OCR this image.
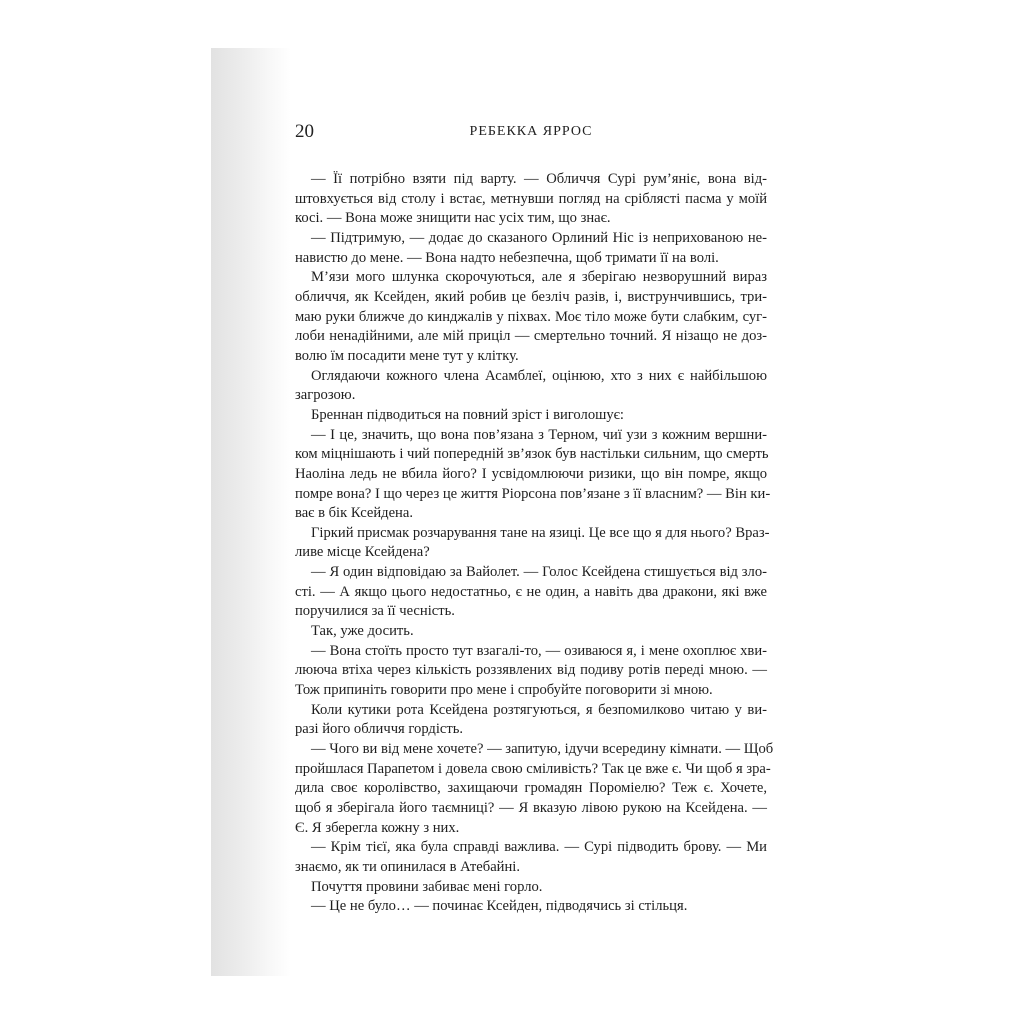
20	РЕБЕККА ЯРРОС
— Її потрібно взяти під варту. — Обличчя Сурі рум’яніє, вона від-
штовхується від столу і встає, метнувши погляд на сріблясті пасма у моїй
косі. — Вона може знищити нас усіх тим, що знає.
— Підтримую, — додає до сказаного Орлиний Ніс із неприхованою не-
навистю до мене. — Вона надто небезпечна, щоб тримати її на волі.
М’язи мого шлунка скорочуються, але я зберігаю незворушний вираз
обличчя, як Ксейден, який робив це безліч разів, і, виструнчившись, три-
маю руки ближче до кинджалів у піхвах. Моє тіло може бути слабким, суг-
лоби ненадійними, але мій приціл — смертельно точний. Я нізащо не доз-
волю їм посадити мене тут у клітку.
Оглядаючи кожного члена Асамблеї, оцінюю, хто з них є найбільшою
загрозою.
Бреннан підводиться на повний зріст і виголошує:
— І це, значить, що вона пов’язана з Терном, чиї узи з кожним вершни-
ком міцнішають і чий попередній зв’язок був настільки сильним, що смерть
Наоліна ледь не вбила його? І усвідомлюючи ризики, що він помре, якщо
помре вона? І що через це життя Ріорсона пов’язане з її власним? — Він ки-
ває в бік Ксейдена.
Гіркий присмак розчарування тане на язиці. Це все що я для нього? Враз-
ливе місце Ксейдена?
— Я один відповідаю за Вайолет. — Голос Ксейдена стишується від зло-
сті. — А якщо цього недостатньо, є не один, а навіть два дракони, які вже
поручилися за її чесність.
Так, уже досить.
— Вона стоїть просто тут взагалі-то, — озиваюся я, і мене охоплює хви-
лююча втіха через кількість роззявлених від подиву ротів переді мною. —
Тож припиніть говорити про мене і спробуйте поговорити зі мною.
Коли кутики рота Ксейдена розтягуються, я безпомилково читаю у ви-
разі його обличчя гордість.
— Чого ви від мене хочете? — запитую, ідучи всередину кімнати. — Щоб
пройшлася Парапетом і довела свою сміливість? Так це вже є. Чи щоб я зра-
дила своє королівство, захищаючи громадян Пороміелю? Теж є. Хочете,
щоб я зберігала його таємниці? — Я вказую лівою рукою на Ксейдена. —
Є. Я зберегла кожну з них.
— Крім тієї, яка була справді важлива. — Сурі підводить брову. — Ми
знаємо, як ти опинилася в Атебайні.
Почуття провини забиває мені горло.
— Це не було… — починає Ксейден, підводячись зі стільця.
